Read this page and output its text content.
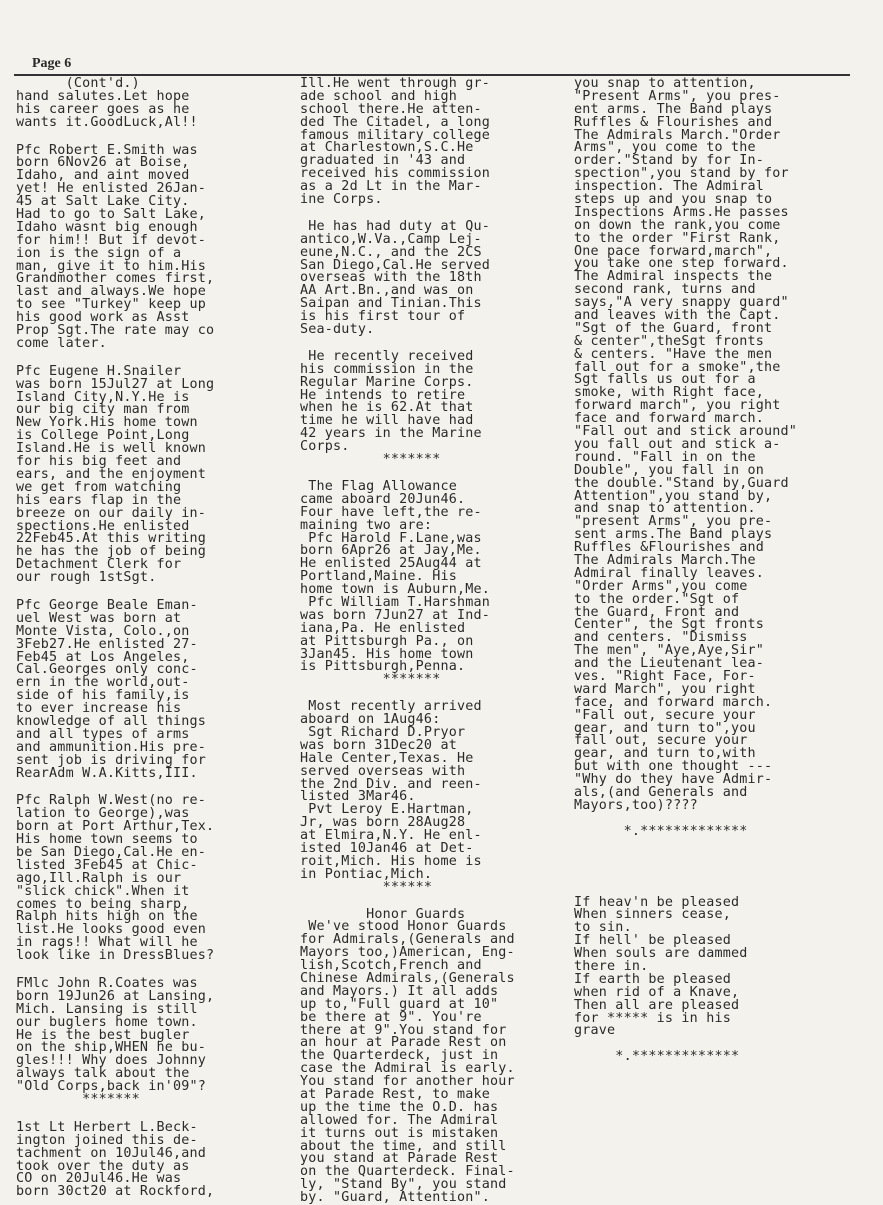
Page 6
(Cont'd.)
hand salutes.Let hope
his career goes as he
wants it.GoodLuck,Al!!
Pfc Robert E.Smith was
born 6Nov26 at Boise,
Idaho, and aint moved
yet! He enlisted 26Jan-
45 at Salt Lake City.
Had to go to Salt Lake,
Idaho wasnt big enough
for him!! But if devot-
ion is the sign of a
man, give it to him.His
Grandmother comes first,
last and always.We hope
to see "Turkey" keep up
his good work as Asst
Prop Sgt.The rate may co
come later.
Pfc Eugene H.Snailer
was born 15Jul27 at Long
Island City,N.Y.He is
our big city man from
New York.His home town
is College Point,Long
Island.He is well known
for his big feet and
ears, and the enjoyment
we get from watching
his ears flap in the
breeze on our daily in-
spections.He enlisted
22Feb45.At this writing
he has the job of being
Detachment Clerk for
our rough 1stSgt.
Pfc George Beale Eman-
uel West was born at
Monte Vista, Colo.,on
3Feb27.He enlisted 27-
Feb45 at Los Angeles,
Cal.Georges only conc-
ern in the world,out-
side of his family,is
to ever increase his
knowledge of all things
and all types of arms
and ammunition.His pre-
sent job is driving for
RearAdm W.A.Kitts,III.
Pfc Ralph W.West(no re-
lation to George),was
born at Port Arthur,Tex.
His home town seems to
be San Diego,Cal.He en-
listed 3Feb45 at Chic-
ago,Ill.Ralph is our
"slick chick".When it
comes to being sharp,
Ralph hits high on the
list.He looks good even
in rags!! What will he
look like in DressBlues?
FMlc John R.Coates was
born 19Jun26 at Lansing,
Mich. Lansing is still
our buglers home town.
He is the best bugler
on the ship,WHEN he bu-
gles!!! Why does Johnny
always talk about the
"Old Corps,back in'09"?
*******
1st Lt Herbert L.Beck-
ington joined this de-
tachment on 10Jul46,and
took over the duty as
CO on 20Jul46.He was
born 30ct20 at Rockford,
Ill.He went through gr-
ade school and high
school there.He atten-
ded The Citadel, a long
famous military college
at Charlestown,S.C.He
graduated in '43 and
received his commission
as a 2d Lt in the Mar-
ine Corps.
He has had duty at Qu-
antico,W.Va.,Camp Lej-
eune,N.C., and the 2CS
San Diego,Cal.He served
overseas with the 18th
AA Art.Bn.,and was on
Saipan and Tinian.This
is his first tour of
Sea-duty.
He recently received
his commission in the
Regular Marine Corps.
He intends to retire
when he is 62.At that
time he will have had
42 years in the Marine
Corps.
*******
The Flag Allowance
came aboard 20Jun46.
Four have left,the re-
maining two are:
Pfc Harold F.Lane,was
born 6Apr26 at Jay,Me.
He enlisted 25Aug44 at
Portland,Maine. His
home town is Auburn,Me.
Pfc William T.Harshman
was born 7Jun27 at Ind-
iana,Pa. He enlisted
at Pittsburgh Pa., on
3Jan45. His home town
is Pittsburgh,Penna.
*******
Most recently arrived
aboard on 1Aug46:
Sgt Richard D.Pryor
was born 31Dec20 at
Hale Center,Texas. He
served overseas with
the 2nd Div. and reen-
listed 3Mar46.
Pvt Leroy E.Hartman,
Jr, was born 28Aug28
at Elmira,N.Y. He enl-
isted 10Jan46 at Det-
roit,Mich. His home is
in Pontiac,Mich.
******
Honor Guards
We've stood Honor Guards
for Admirals,(Generals and
Mayors too,)American, Eng-
lish,Scotch,French and
Chinese Admirals,(Generals
and Mayors.) It all adds
up to,"Full guard at 10"
be there at 9". You're
there at 9".You stand for
an hour at Parade Rest on
the Quarterdeck, just in
case the Admiral is early.
You stand for another hour
at Parade Rest, to make
up the time the O.D. has
allowed for. The Admiral
it turns out is mistaken
about the time, and still
you stand at Parade Rest
on the Quarterdeck. Final-
ly, "Stand By", you stand
by. "Guard, Attention".
you snap to attention,
"Present Arms", you pres-
ent arms. The Band plays
Ruffles & Flourishes and
The Admirals March."Order
Arms", you come to the
order."Stand by for In-
spection",you stand by for
inspection. The Admiral
steps up and you snap to
Inspections Arms.He passes
on down the rank,you come
to the order "First Rank,
One pace forward,march",
you take one step forward.
The Admiral inspects the
second rank, turns and
says,"A very snappy guard"
and leaves with the Capt.
"Sgt of the Guard, front
& center",theSgt fronts
& centers. "Have the men
fall out for a smoke",the
Sgt falls us out for a
smoke, with Right face,
forward march", you right
face and forward march.
"Fall out and stick around"
you fall out and stick a-
round. "Fall in on the
Double", you fall in on
the double."Stand by,Guard
Attention",you stand by,
and snap to attention.
"present Arms", you pre-
sent arms.The Band plays
Ruffles &Flourishes and
The Admirals March.The
Admiral finally leaves.
"Order Arms",you come
to the order."Sgt of
the Guard, Front and
Center", the Sgt fronts
and centers. "Dismiss
The men", "Aye,Aye,Sir"
and the Lieutenant lea-
ves. "Right Face, For-
ward March", you right
face, and forward march.
"Fall out, secure your
gear, and turn to",you
fall out, secure your
gear, and turn to,with
but with one thought ---
"Why do they have Admir-
als,(and Generals and
Mayors,too)????
*.*************
If heav'n be pleased
When sinners cease,
to sin.
If hell' be pleased
When souls are dammed
there in.
If earth be pleased
when rid of a Knave,
Then all are pleased
for ***** is in his
grave
*.*************
